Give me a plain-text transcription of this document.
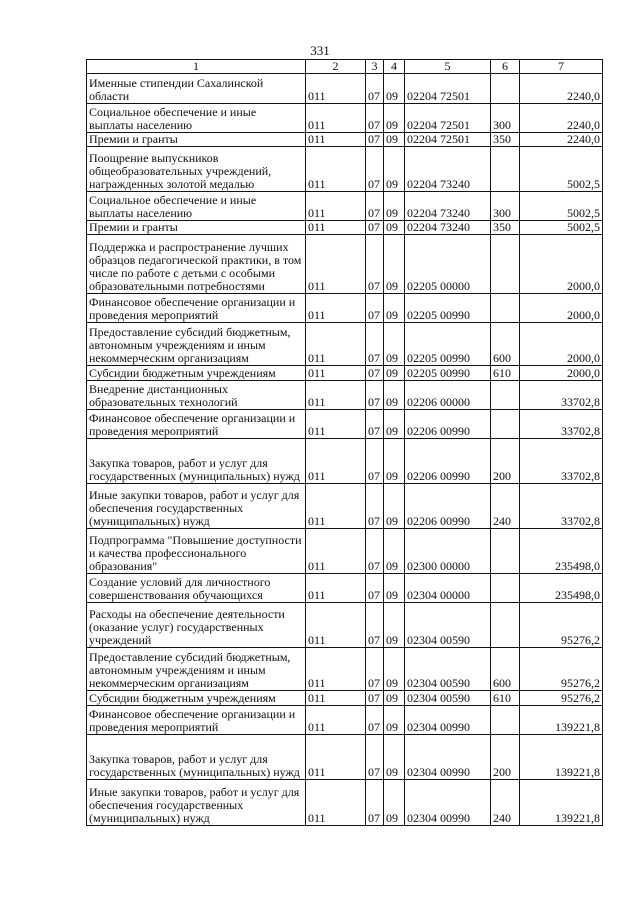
331
1	2	3	4	5	6	7
Именные стипендии Сахалинской области	011	07	09	02204 72501		2240,0
Социальное обеспечение и иные выплаты населению	011	07	09	02204 72501	300	2240,0
Премии и гранты	011	07	09	02204 72501	350	2240,0
Поощрение выпускников общеобразовательных учреждений, награжденных золотой медалью	011	07	09	02204 73240		5002,5
Социальное обеспечение и иные выплаты населению	011	07	09	02204 73240	300	5002,5
Премии и гранты	011	07	09	02204 73240	350	5002,5
Поддержка и распространение лучших образцов педагогической практики, в том числе по работе с детьми с особыми образовательными потребностями	011	07	09	02205 00000		2000,0
Финансовое обеспечение организации и проведения мероприятий	011	07	09	02205 00990		2000,0
Предоставление субсидий бюджетным, автономным учреждениям и иным некоммерческим организациям	011	07	09	02205 00990	600	2000,0
Субсидии бюджетным учреждениям	011	07	09	02205 00990	610	2000,0
Внедрение дистанционных образовательных технологий	011	07	09	02206 00000		33702,8
Финансовое обеспечение организации и проведения мероприятий	011	07	09	02206 00990		33702,8
Закупка товаров, работ и услуг для государственных (муниципальных) нужд	011	07	09	02206 00990	200	33702,8
Иные закупки товаров, работ и услуг для обеспечения государственных (муниципальных) нужд	011	07	09	02206 00990	240	33702,8
Подпрограмма "Повышение доступности и качества профессионального образования"	011	07	09	02300 00000		235498,0
Создание условий для личностного совершенствования обучающихся	011	07	09	02304 00000		235498,0
Расходы на обеспечение деятельности (оказание услуг) государственных учреждений	011	07	09	02304 00590		95276,2
Предоставление субсидий бюджетным, автономным учреждениям и иным некоммерческим организациям	011	07	09	02304 00590	600	95276,2
Субсидии бюджетным учреждениям	011	07	09	02304 00590	610	95276,2
Финансовое обеспечение организации и проведения мероприятий	011	07	09	02304 00990		139221,8
Закупка товаров, работ и услуг для государственных (муниципальных) нужд	011	07	09	02304 00990	200	139221,8
Иные закупки товаров, работ и услуг для обеспечения государственных (муниципальных) нужд	011	07	09	02304 00990	240	139221,8
